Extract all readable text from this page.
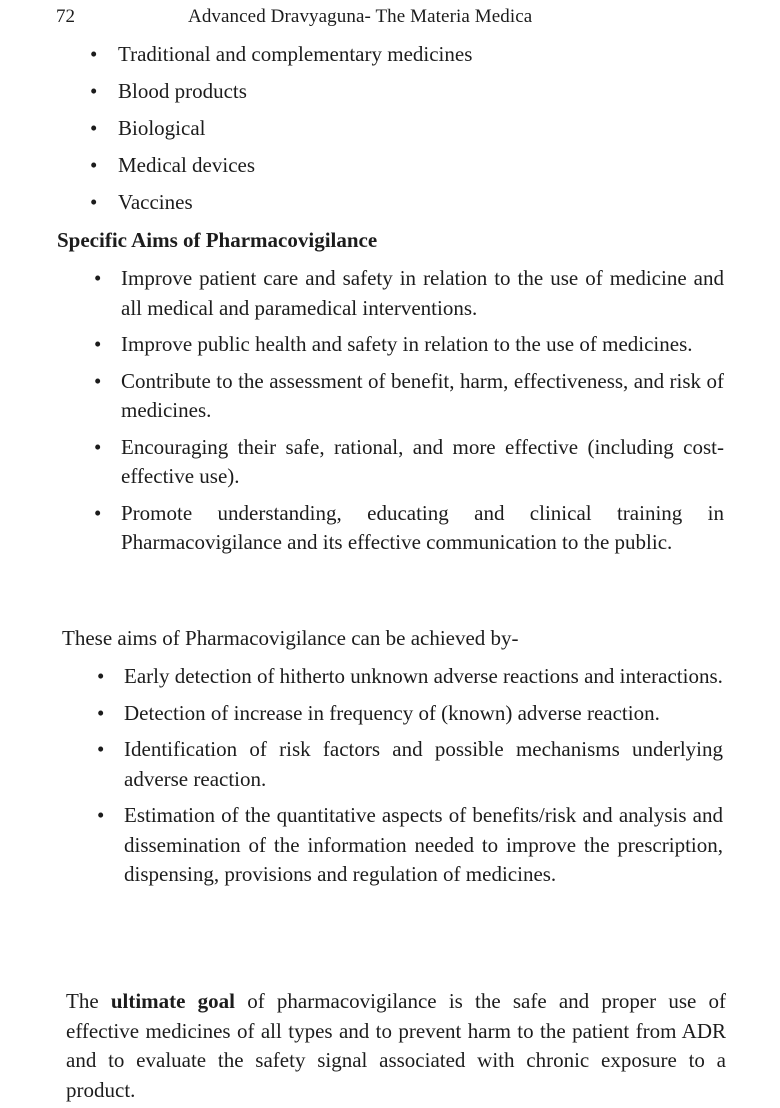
72	Advanced Dravyaguna- The Materia Medica
• Traditional and complementary medicines
• Blood products
• Biological
• Medical devices
• Vaccines
Specific Aims of Pharmacovigilance
• Improve patient care and safety in relation to the use of medicine and all medical and paramedical interventions.
• Improve public health and safety in relation to the use of medicines.
• Contribute to the assessment of benefit, harm, effectiveness, and risk of medicines.
• Encouraging their safe, rational, and more effective (including cost-effective use).
• Promote understanding, educating and clinical training in Pharmacovigilance and its effective communication to the public.
These aims of Pharmacovigilance can be achieved by-
• Early detection of hitherto unknown adverse reactions and interactions.
• Detection of increase in frequency of (known) adverse reaction.
• Identification of risk factors and possible mechanisms underlying adverse reaction.
• Estimation of the quantitative aspects of benefits/risk and analysis and dissemination of the information needed to improve the prescription, dispensing, provisions and regulation of medicines.

The ultimate goal of pharmacovigilance is the safe and proper use of effective medicines of all types and to prevent harm to the patient from ADR and to evaluate the safety signal associated with chronic exposure to a product.
